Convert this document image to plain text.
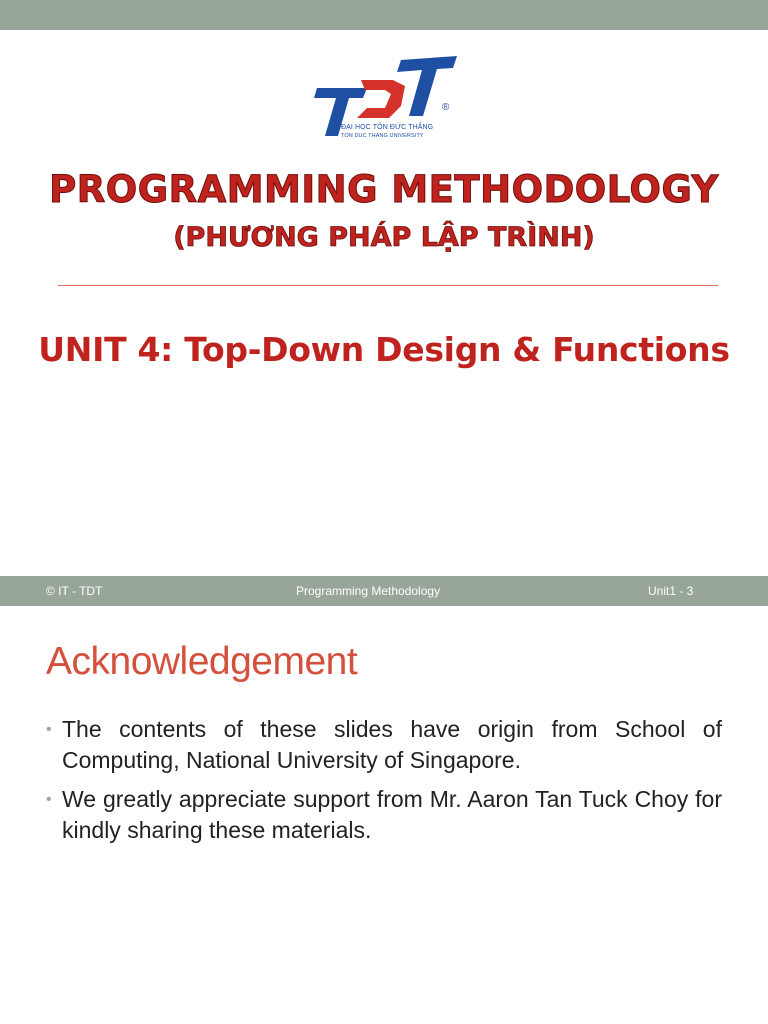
®
ĐẠI HỌC TÔN ĐỨC THẮNG
TON DUC THANG UNIVERSITY
PROGRAMMING METHODOLOGY
(PHƯƠNG PHÁP LẬP TRÌNH)
UNIT 4: Top-Down Design & Functions
© IT - TDT	Programming Methodology	Unit1 - 3
Acknowledgement
• The contents of these slides have origin from School of Computing, National University of Singapore.
• We greatly appreciate support from Mr. Aaron Tan Tuck Choy for kindly sharing these materials.
